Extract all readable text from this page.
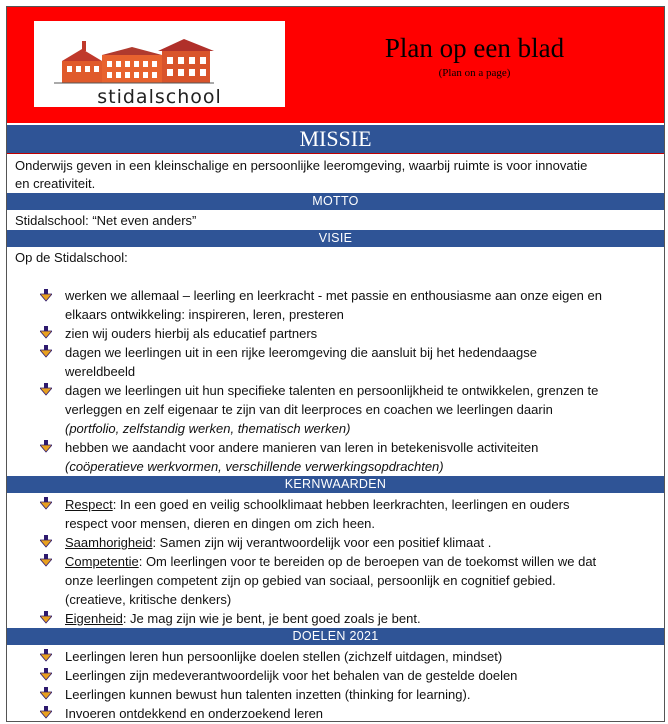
stidalschool
Plan op een blad
(Plan on a page)
MISSIE
Onderwijs geven in een kleinschalige en persoonlijke leeromgeving, waarbij ruimte is voor innovatie
en creativiteit.
MOTTO
Stidalschool: “Net even anders”
VISIE
Op de Stidalschool:
werken we allemaal – leerling en leerkracht - met passie en enthousiasme aan onze eigen en
elkaars ontwikkeling: inspireren, leren, presteren
zien wij ouders hierbij als educatief partners
dagen we leerlingen uit in een rijke leeromgeving die aansluit bij het hedendaagse
wereldbeeld
dagen we leerlingen uit hun specifieke talenten en persoonlijkheid te ontwikkelen, grenzen te
verleggen en zelf eigenaar te zijn van dit leerproces en coachen we leerlingen daarin
(portfolio, zelfstandig werken, thematisch werken)
hebben we aandacht voor andere manieren van leren in betekenisvolle activiteiten
(coöperatieve werkvormen, verschillende verwerkingsopdrachten)
KERNWAARDEN
Respect: In een goed en veilig schoolklimaat hebben leerkrachten, leerlingen en ouders
respect voor mensen, dieren en dingen om zich heen.
Saamhorigheid: Samen zijn wij verantwoordelijk voor een positief klimaat .
Competentie: Om leerlingen voor te bereiden op de beroepen van de toekomst willen we dat
onze leerlingen competent zijn op gebied van sociaal, persoonlijk en cognitief gebied.
(creatieve, kritische denkers)
Eigenheid: Je mag zijn wie je bent, je bent goed zoals je bent.
DOELEN 2021
Leerlingen leren hun persoonlijke doelen stellen (zichzelf uitdagen, mindset)
Leerlingen zijn medeverantwoordelijk voor het behalen van de gestelde doelen
Leerlingen kunnen bewust hun talenten inzetten (thinking for learning).
Invoeren ontdekkend en onderzoekend leren
